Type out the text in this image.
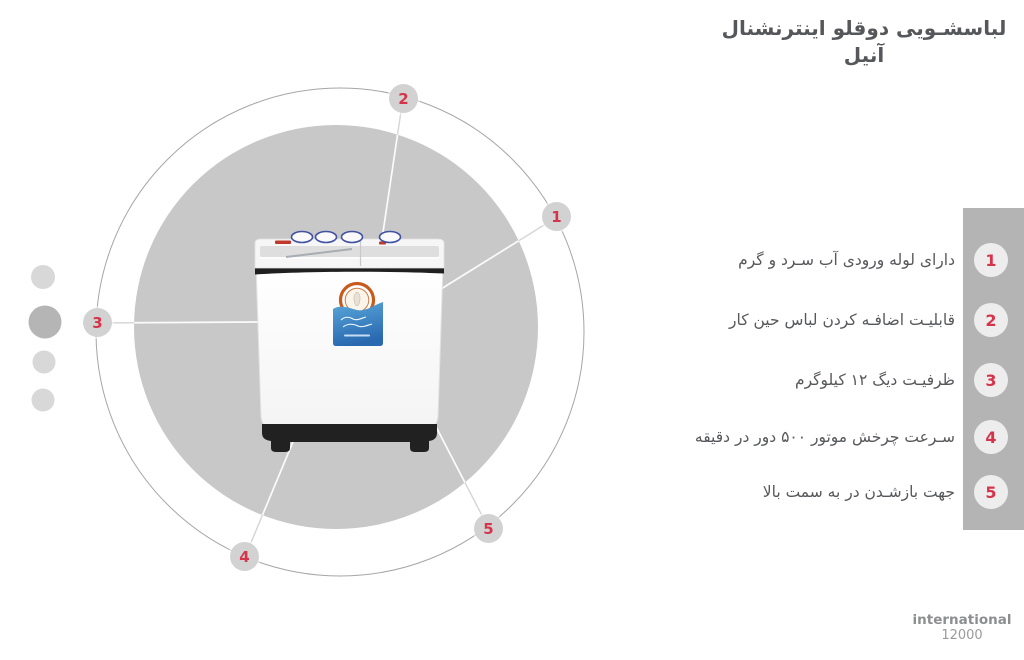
لباسشـویی دوقلو اینترنشنال
آنیل
1
2
3
4
5
1
دارای لوله ورودی آب سـرد و گرم
2
قابلیـت اضافـه کردن لباس حین کار
3
ظرفیـت دیگ ۱۲ کیلوگرم
4
سـرعت چرخش موتور ۵۰۰ دور در دقیقه
5
جهت بازشـدن در به سمت بالا
international
12000
